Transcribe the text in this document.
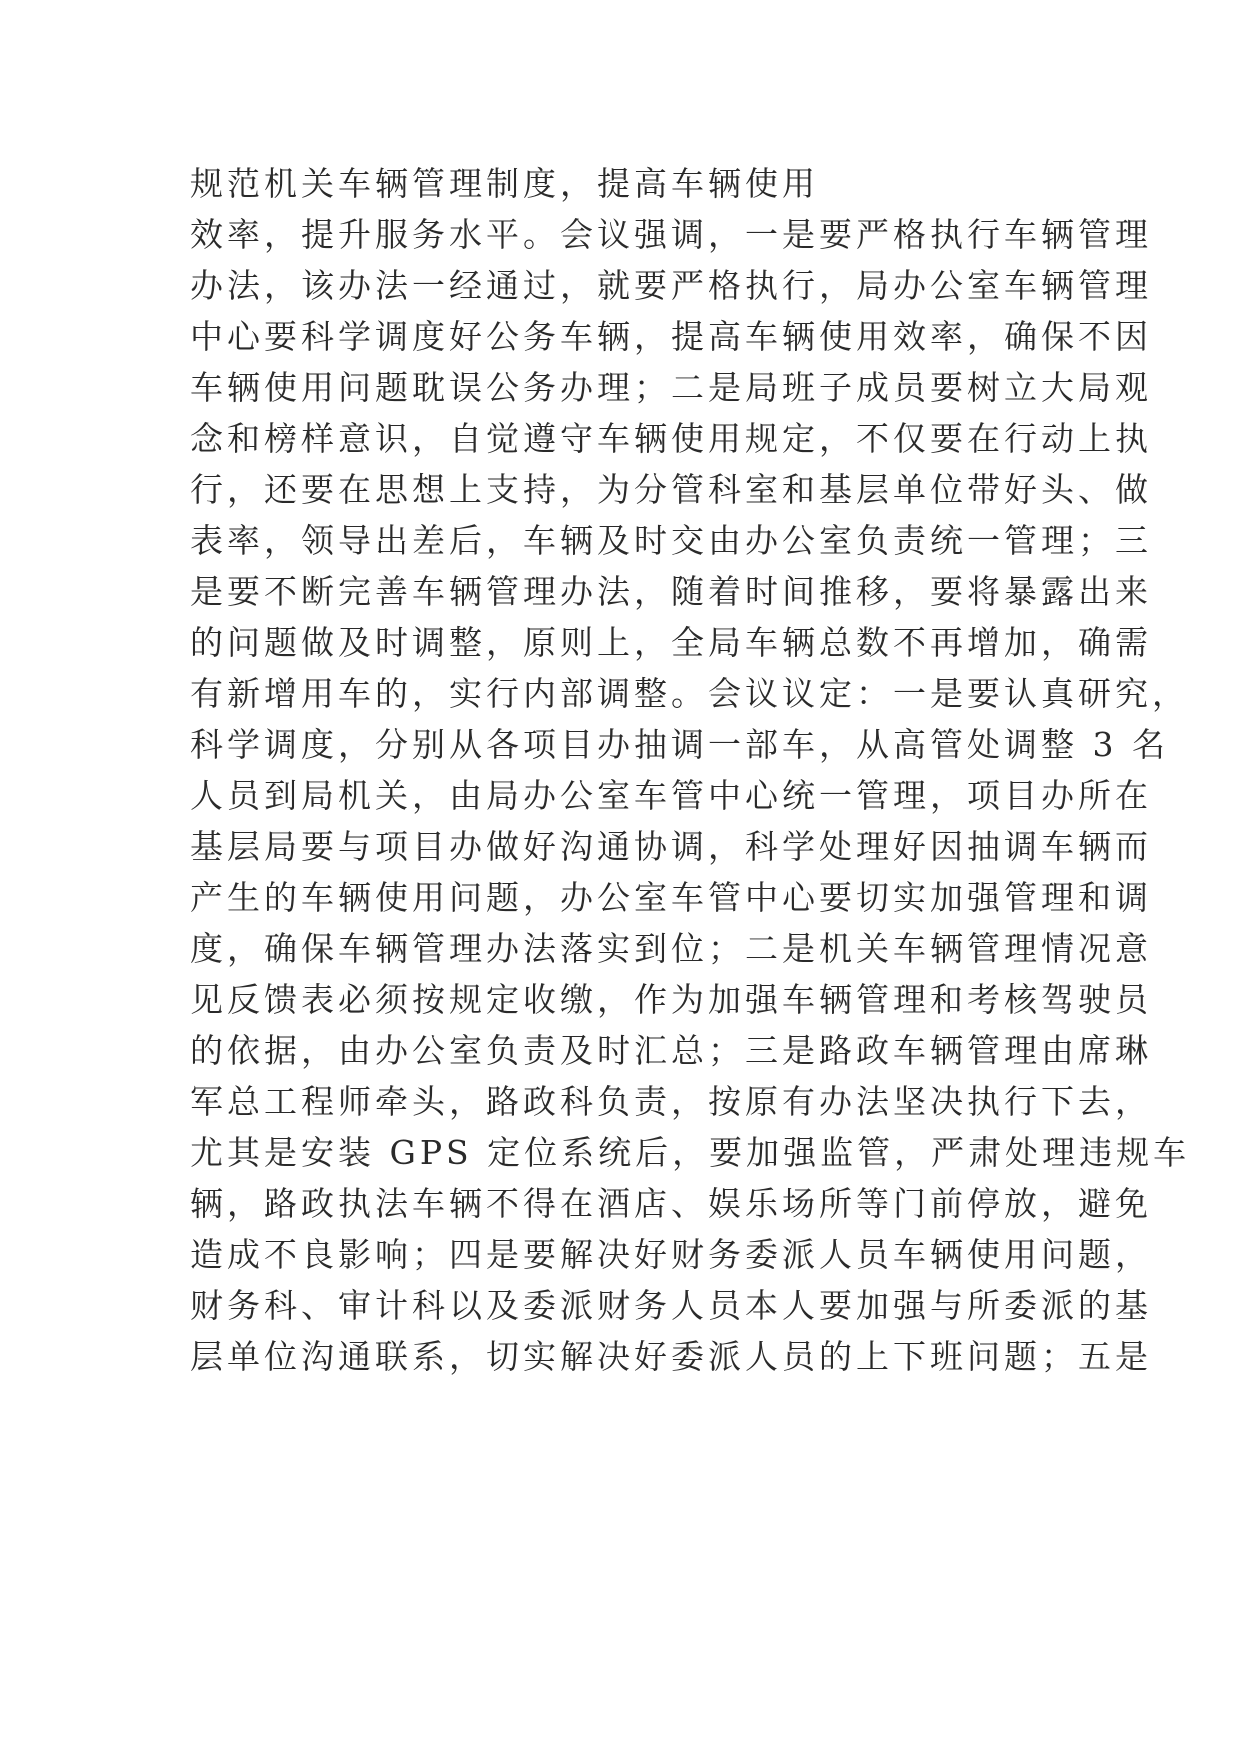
规范机关车辆管理制度，提高车辆使用
效率，提升服务水平。会议强调，一是要严格执行车辆管理
办法，该办法一经通过，就要严格执行，局办公室车辆管理
中心要科学调度好公务车辆，提高车辆使用效率，确保不因
车辆使用问题耽误公务办理；二是局班子成员要树立大局观
念和榜样意识，自觉遵守车辆使用规定，不仅要在行动上执
行，还要在思想上支持，为分管科室和基层单位带好头、做
表率，领导出差后，车辆及时交由办公室负责统一管理；三
是要不断完善车辆管理办法，随着时间推移，要将暴露出来
的问题做及时调整，原则上，全局车辆总数不再增加，确需
有新增用车的，实行内部调整。会议议定：一是要认真研究，
科学调度，分别从各项目办抽调一部车，从高管处调整 3 名
人员到局机关，由局办公室车管中心统一管理，项目办所在
基层局要与项目办做好沟通协调，科学处理好因抽调车辆而
产生的车辆使用问题，办公室车管中心要切实加强管理和调
度，确保车辆管理办法落实到位；二是机关车辆管理情况意
见反馈表必须按规定收缴，作为加强车辆管理和考核驾驶员
的依据，由办公室负责及时汇总；三是路政车辆管理由席琳
军总工程师牵头，路政科负责，按原有办法坚决执行下去，
尤其是安装 GPS 定位系统后，要加强监管，严肃处理违规车
辆，路政执法车辆不得在酒店、娱乐场所等门前停放，避免
造成不良影响；四是要解决好财务委派人员车辆使用问题，
财务科、审计科以及委派财务人员本人要加强与所委派的基
层单位沟通联系，切实解决好委派人员的上下班问题；五是
